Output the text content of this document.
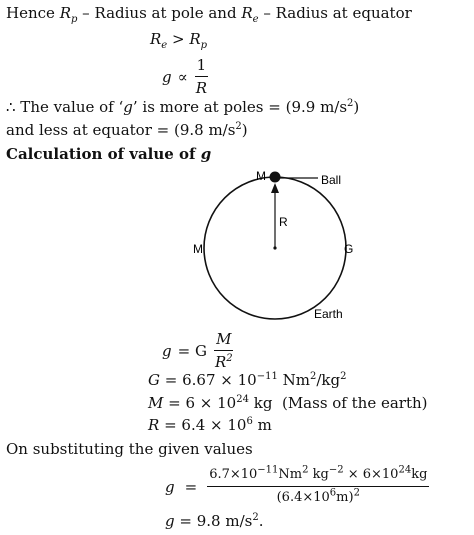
Hence $R_p$ – Radius at pole and $R_e$ – Radius at equator
$R_e > R_p$
$g \propto \frac{1}{R}$
∴ The value of ‘g’ is more at poles = (9.9 $m/s^2$)
and less at equator = (9.8 $m/s^2$)
Calculation of value of g
M	Ball
R
M	G
Earth
g = G $\frac{M}{R^2}$
$G = 6.67 \times 10^{-11}$ $Nm^2/kg^2$
$M = 6 \times 10^{24}$ kg  (Mass of the earth)
$R = 6.4 \times 10^6$ m
On substituting the given values
$g = \frac{6.7\times 10^{-11}Nm^2 kg^{-2} \times 6\times 10^{24}kg}{(6.4\times 10^6m)^2}$
g = 9.8 $m/s^2$.
